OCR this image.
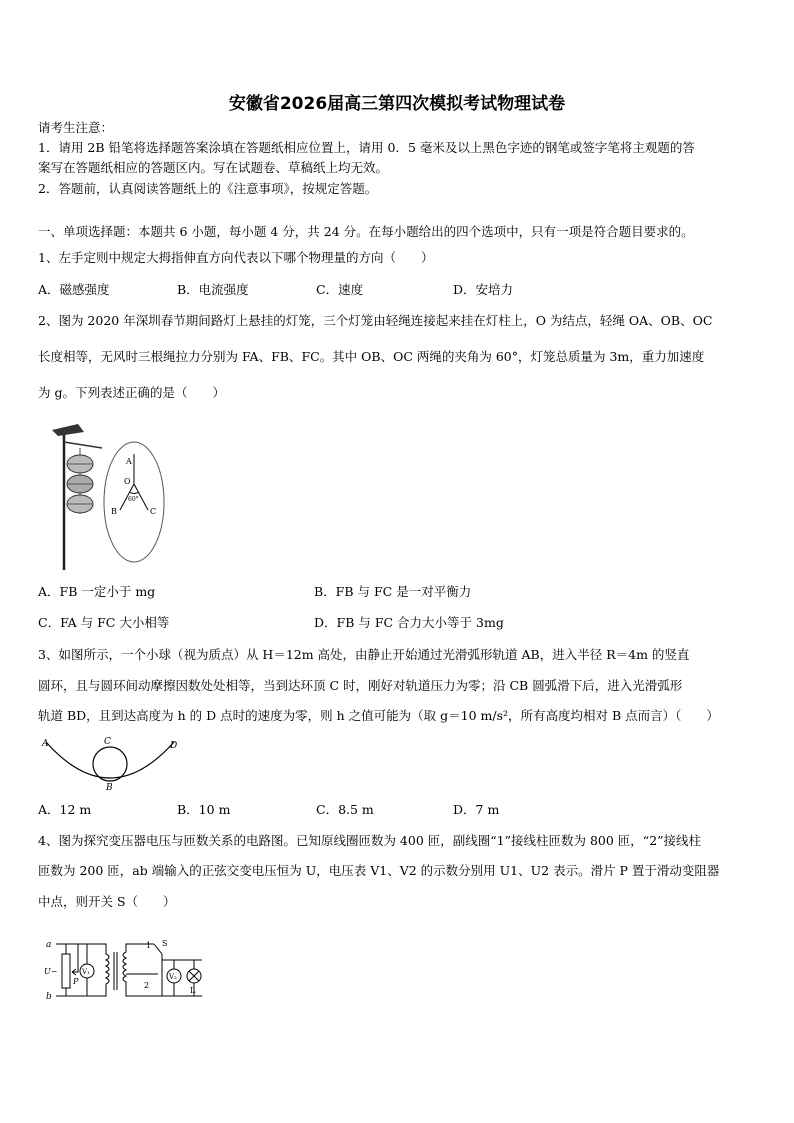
安徽省2026届高三第四次模拟考试物理试卷
请考生注意：
1．请用 2B 铅笔将选择题答案涂填在答题纸相应位置上，请用 0．5 毫米及以上黑色字迹的钢笔或签字笔将主观题的答
案写在答题纸相应的答题区内。写在试题卷、草稿纸上均无效。
2．答题前，认真阅读答题纸上的《注意事项》，按规定答题。
一、单项选择题：本题共 6 小题，每小题 4 分，共 24 分。在每小题给出的四个选项中，只有一项是符合题目要求的。
1、左手定则中规定大拇指伸直方向代表以下哪个物理量的方向（　　）
A．磁感强度	B．电流强度	C．速度	D．安培力
2、图为 2020 年深圳春节期间路灯上悬挂的灯笼，三个灯笼由轻绳连接起来挂在灯柱上，O 为结点，轻绳 OA、OB、OC
长度相等，无风时三根绳拉力分别为 FA、FB、FC。其中 OB、OC 两绳的夹角为 60°，灯笼总质量为 3m，重力加速度
为 g。下列表述正确的是（　　）
A
O
60°
B	C
A．FB 一定小于 mg	B．FB 与 FC 是一对平衡力
C．FA 与 FC 大小相等	D．FB 与 FC 合力大小等于 3mg
3、如图所示，一个小球（视为质点）从 H＝12m 高处，由静止开始通过光滑弧形轨道 AB，进入半径 R＝4m 的竖直
圆环，且与圆环间动摩擦因数处处相等，当到达环顶 C 时，刚好对轨道压力为零；沿 CB 圆弧滑下后，进入光滑弧形
轨道 BD，且到达高度为 h 的 D 点时的速度为零，则 h 之值可能为（取 g＝10 m/s²，所有高度均相对 B 点而言）（　　）
A	C	D
B
A．12 m	B．10 m	C．8.5 m	D．7 m
4、图为探究变压器电压与匝数关系的电路图。已知原线圈匝数为 400 匝，副线圈“1”接线柱匝数为 800 匝，“2”接线柱
匝数为 200 匝，ab 端输入的正弦交变电压恒为 U，电压表 V1、V2 的示数分别用 U1、U2 表示。滑片 P 置于滑动变阻器
中点，则开关 S（　　）
a
b
U~
P
V₁
1
2
S
V₂
L
